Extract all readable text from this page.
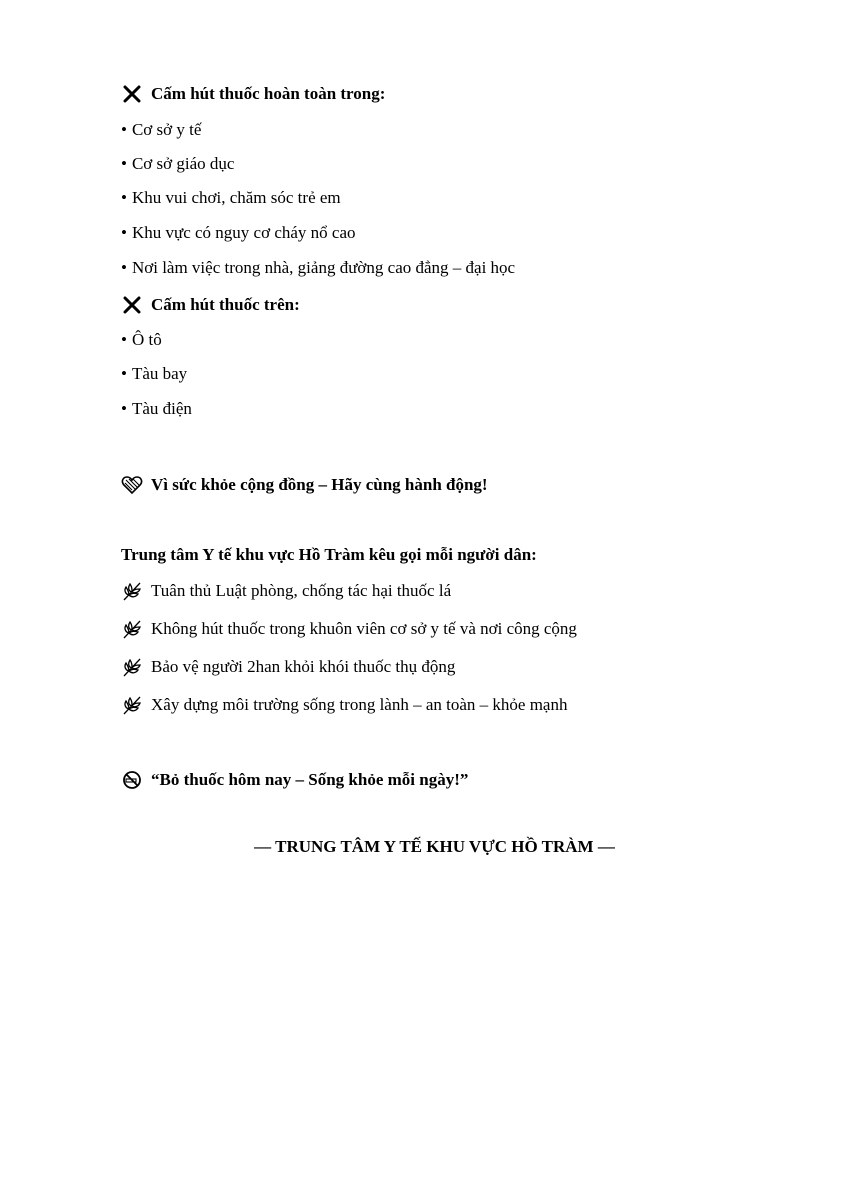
Cấm hút thuốc hoàn toàn trong:
• Cơ sở y tế
• Cơ sở giáo dục
• Khu vui chơi, chăm sóc trẻ em
• Khu vực có nguy cơ cháy nổ cao
• Nơi làm việc trong nhà, giảng đường cao đẳng – đại học
Cấm hút thuốc trên:
• Ô tô
• Tàu bay
• Tàu điện
Vì sức khỏe cộng đồng – Hãy cùng hành động!
Trung tâm Y tế khu vực Hồ Tràm kêu gọi mỗi người dân:
Tuân thủ Luật phòng, chống tác hại thuốc lá
Không hút thuốc trong khuôn viên cơ sở y tế và nơi công cộng
Bảo vệ người 2han khỏi khói thuốc thụ động
Xây dựng môi trường sống trong lành – an toàn – khỏe mạnh
“Bỏ thuốc hôm nay – Sống khỏe mỗi ngày!”
— TRUNG TÂM Y TẾ KHU VỰC HỒ TRÀM —
